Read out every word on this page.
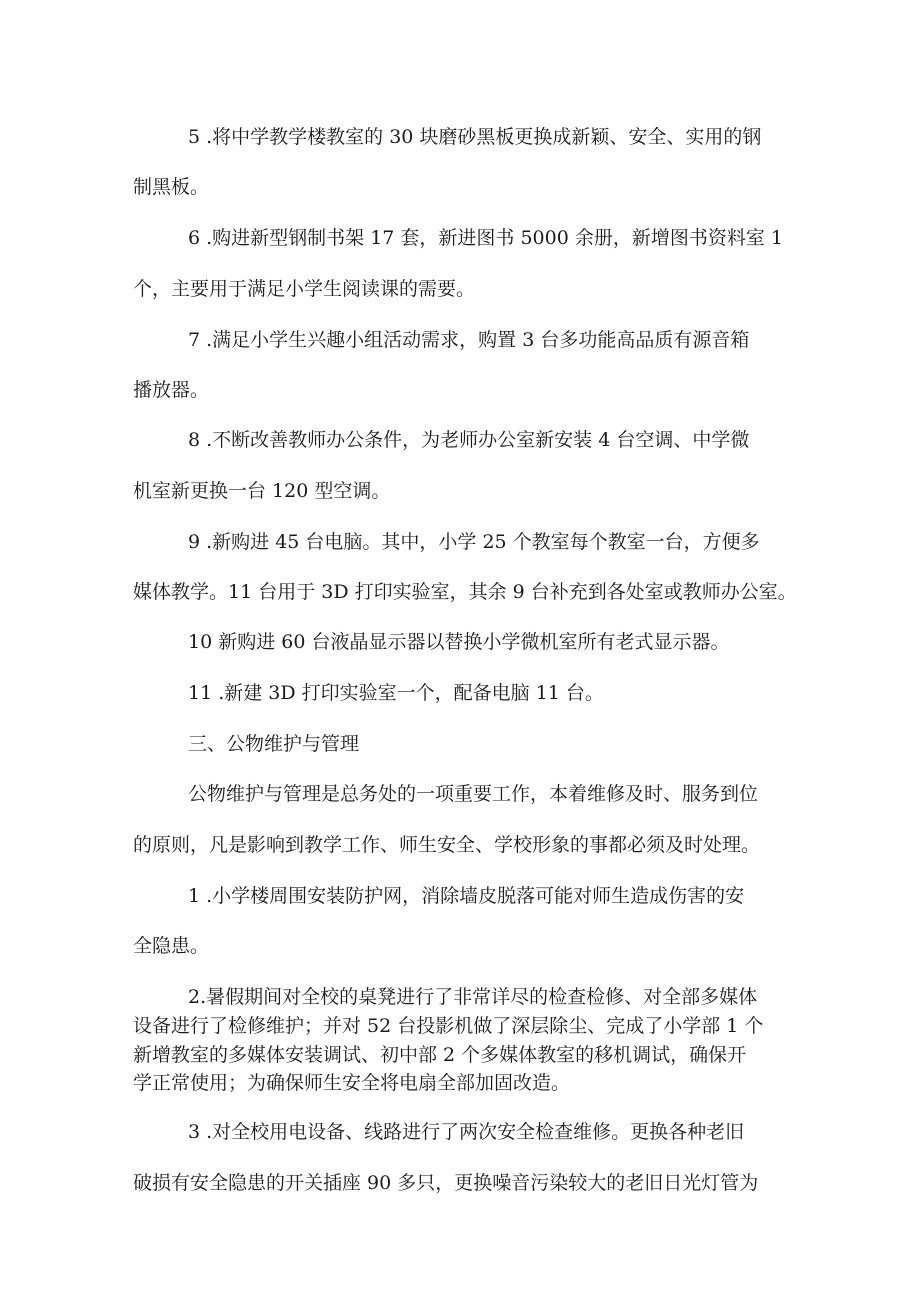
5 .将中学教学楼教室的 30 块磨砂黑板更换成新颖、安全、实用的钢
制黑板。
6 .购进新型钢制书架 17 套，新进图书 5000 余册，新增图书资料室 1
个，主要用于满足小学生阅读课的需要。
7 .满足小学生兴趣小组活动需求，购置 3 台多功能高品质有源音箱
播放器。
8 .不断改善教师办公条件，为老师办公室新安装 4 台空调、中学微
机室新更换一台 120 型空调。
9 .新购进 45 台电脑。其中，小学 25 个教室每个教室一台，方便多
媒体教学。11 台用于 3D 打印实验室，其余 9 台补充到各处室或教师办公室。
10 新购进 60 台液晶显示器以替换小学微机室所有老式显示器。
11 .新建 3D 打印实验室一个，配备电脑 11 台。
三、公物维护与管理
公物维护与管理是总务处的一项重要工作，本着维修及时、服务到位
的原则，凡是影响到教学工作、师生安全、学校形象的事都必须及时处理。
1 .小学楼周围安装防护网，消除墙皮脱落可能对师生造成伤害的安
全隐患。
2.暑假期间对全校的桌凳进行了非常详尽的检查检修、对全部多媒体
设备进行了检修维护；并对 52 台投影机做了深层除尘、完成了小学部 1 个
新增教室的多媒体安装调试、初中部 2 个多媒体教室的移机调试，确保开
学正常使用；为确保师生安全将电扇全部加固改造。
3 .对全校用电设备、线路进行了两次安全检查维修。更换各种老旧
破损有安全隐患的开关插座 90 多只，更换噪音污染较大的老旧日光灯管为
